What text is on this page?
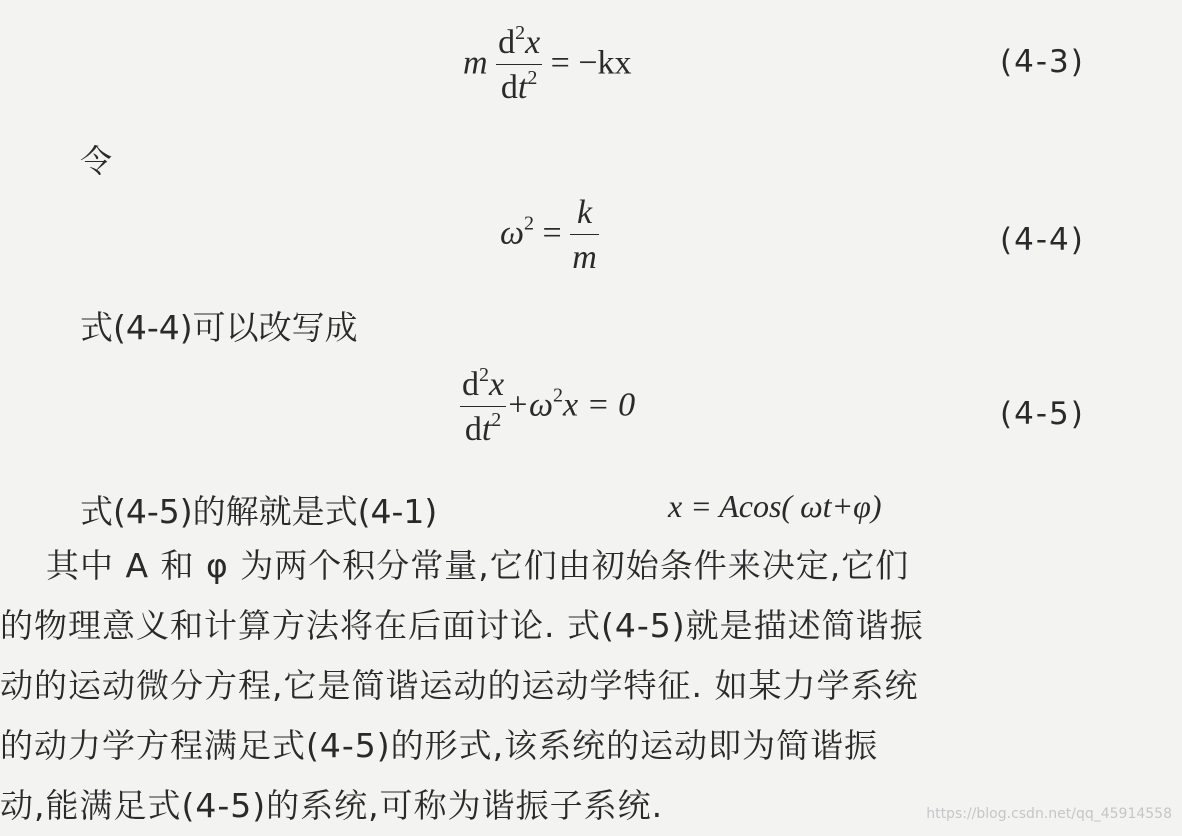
m $\frac{d^2x}{dt^2} = -kx$	(4-3)
令
$\omega^2 = \frac{k}{m}$	(4-4)
式(4-4)可以改写成
$\frac{d^2x}{dt^2} +\omega^2x = 0$	(4-5)
式(4-5)的解就是式(4-1)	x = Acos( ωt+φ)
其中 A 和 φ 为两个积分常量,它们由初始条件来决定,它们
的物理意义和计算方法将在后面讨论. 式(4-5)就是描述简谐振
动的运动微分方程,它是简谐运动的运动学特征. 如某力学系统
的动力学方程满足式(4-5)的形式,该系统的运动即为简谐振
动,能满足式(4-5)的系统,可称为谐振子系统.	https://blog.csdn.net/qq_45914558
